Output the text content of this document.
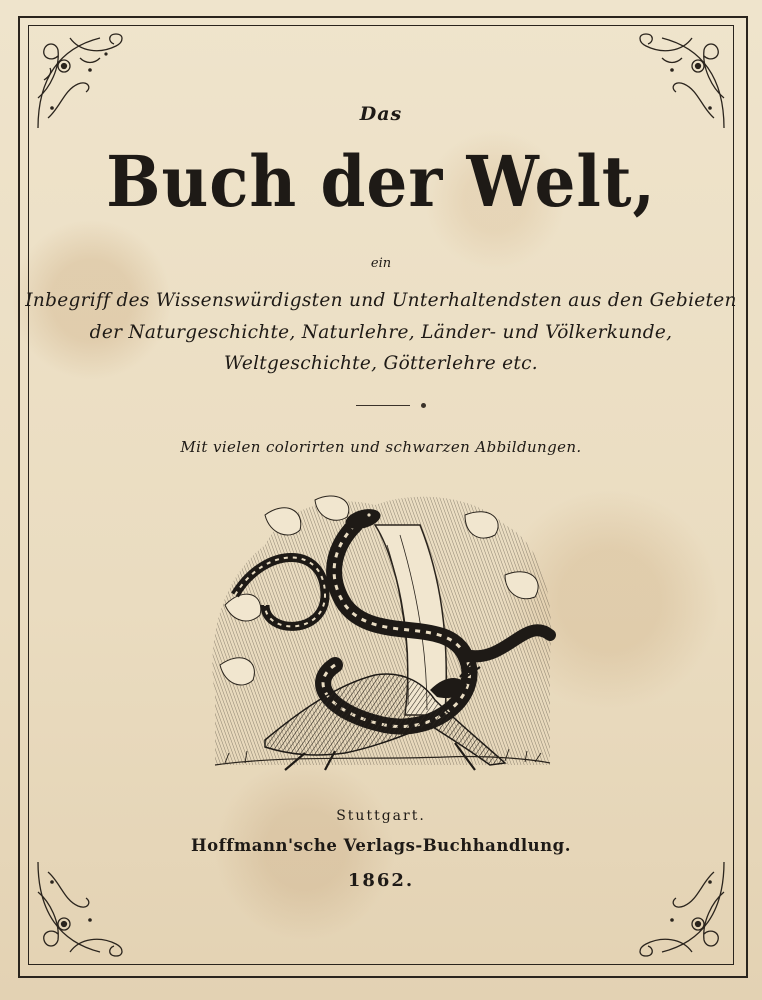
Das
Buch der Welt,
ein
Inbegriff des Wissenswürdigsten und Unterhaltendsten aus den Gebieten
der Naturgeschichte, Naturlehre, Länder- und Völkerkunde,
Weltgeschichte, Götterlehre etc.
Mit vielen colorirten und schwarzen Abbildungen.
Stuttgart.
Hoffmann'sche Verlags-Buchhandlung.
1862.
